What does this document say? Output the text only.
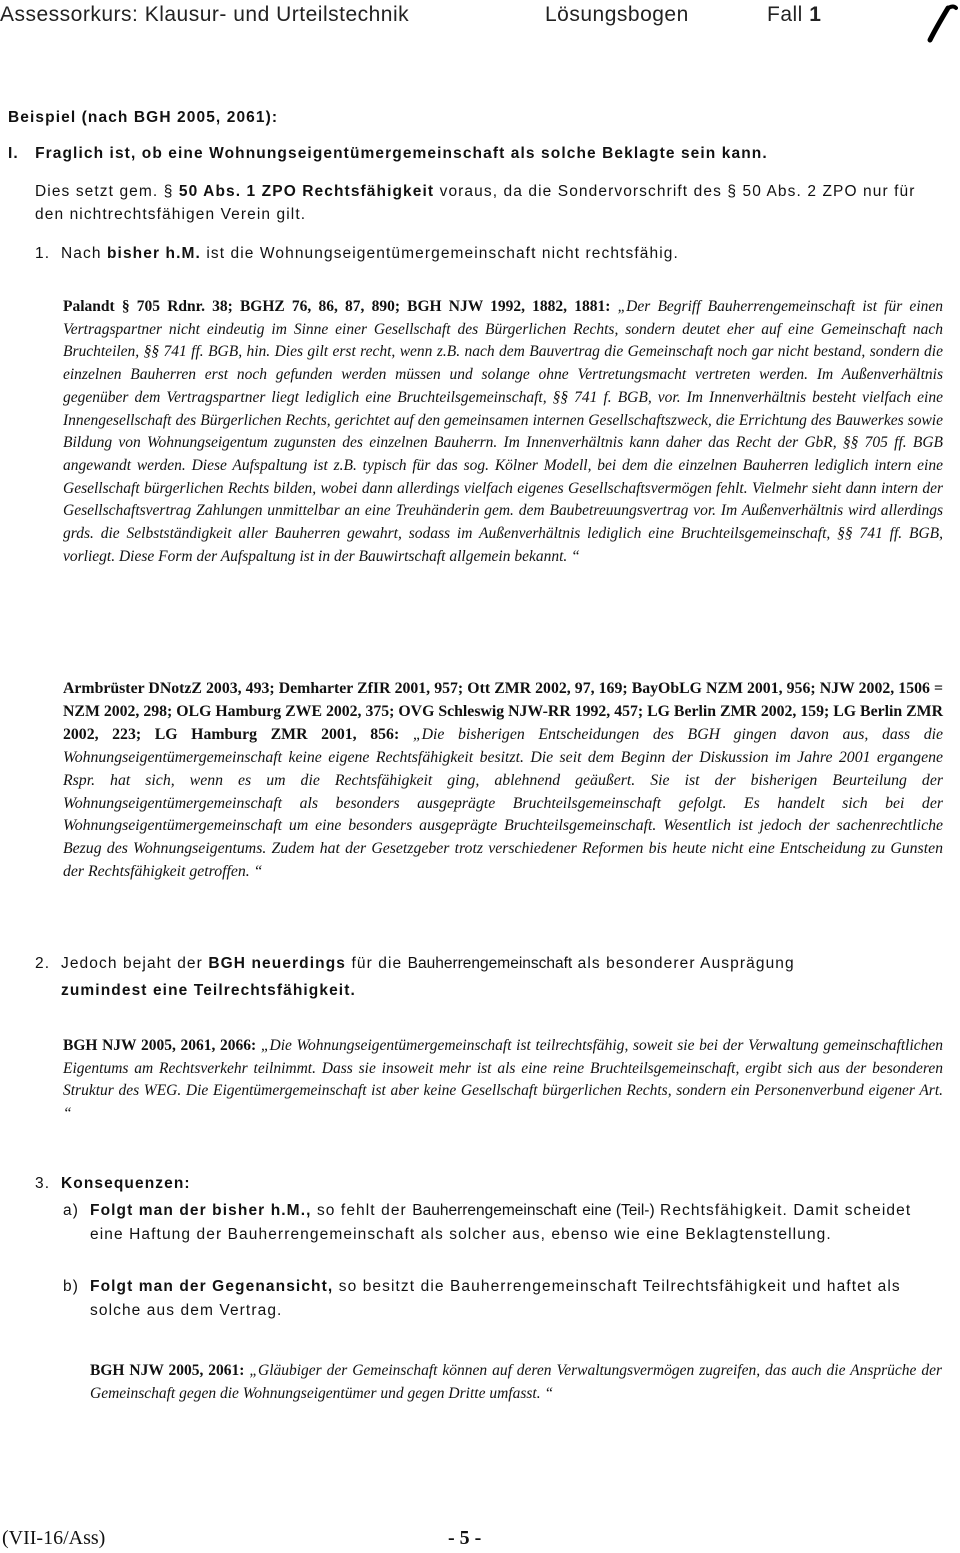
Assessorkurs: Klausur- und Urteilstechnik	Lösungsbogen	Fall 1
Beispiel (nach BGH 2005, 2061):
I. Fraglich ist, ob eine Wohnungseigentümergemeinschaft als solche Beklagte sein kann.
Dies setzt gem. § 50 Abs. 1 ZPO Rechtsfähigkeit voraus, da die Sondervorschrift des § 50 Abs. 2 ZPO nur für den nichtrechtsfähigen Verein gilt.
1. Nach bisher h.M. ist die Wohnungseigentümergemeinschaft nicht rechtsfähig.

Palandt § 705 Rdnr. 38; BGHZ 76, 86, 87, 890; BGH NJW 1992, 1882, 1881: „Der Begriff Bauherrengemeinschaft ist für einen Vertragspartner nicht eindeutig im Sinne einer Gesellschaft des Bürgerlichen Rechts, sondern deutet eher auf eine Gemeinschaft nach Bruchteilen, §§ 741 ff. BGB, hin. Dies gilt erst recht, wenn z.B. nach dem Bauvertrag die Gemeinschaft noch gar nicht bestand, sondern die einzelnen Bauherren erst noch gefunden werden müssen und solange ohne Vertretungsmacht vertreten werden. Im Außenverhältnis gegenüber dem Vertragspartner liegt lediglich eine Bruchteilsgemeinschaft, §§ 741 f. BGB, vor. Im Innenverhältnis besteht vielfach eine Innengesellschaft des Bürgerlichen Rechts, gerichtet auf den gemeinsamen internen Gesellschaftszweck, die Errichtung des Bauwerkes sowie Bildung von Wohnungseigentum zugunsten des einzelnen Bauherrn. Im Innenverhältnis kann daher das Recht der GbR, §§ 705 ff. BGB angewandt werden. Diese Aufspaltung ist z.B. typisch für das sog. Kölner Modell, bei dem die einzelnen Bauherren lediglich intern eine Gesellschaft bürgerlichen Rechts bilden, wobei dann allerdings vielfach eigenes Gesellschaftsvermögen fehlt. Vielmehr sieht dann intern der Gesellschaftsvertrag Zahlungen unmittelbar an eine Treuhänderin gem. dem Baubetreuungsvertrag vor. Im Außenverhältnis wird allerdings grds. die Selbstständigkeit aller Bauherren gewahrt, sodass im Außenverhältnis lediglich eine Bruchteilsgemeinschaft, §§ 741 ff. BGB, vorliegt. Diese Form der Aufspaltung ist in der Bauwirtschaft allgemein bekannt. “

Armbrüster DNotzZ 2003, 493; Demharter ZfIR 2001, 957; Ott ZMR 2002, 97, 169; BayObLG NZM 2001, 956; NJW 2002, 1506 = NZM 2002, 298; OLG Hamburg ZWE 2002, 375; OVG Schleswig NJW-RR 1992, 457; LG Berlin ZMR 2002, 159; LG Berlin ZMR 2002, 223; LG Hamburg ZMR 2001, 856: „Die bisherigen Entscheidungen des BGH gingen davon aus, dass die Wohnungseigentümergemeinschaft keine eigene Rechtsfähigkeit besitzt. Die seit dem Beginn der Diskussion im Jahre 2001 ergangene Rspr. hat sich, wenn es um die Rechtsfähigkeit ging, ablehnend geäußert. Sie ist der bisherigen Beurteilung der Wohnungseigentümergemeinschaft als besonders ausgeprägte Bruchteilsgemeinschaft gefolgt. Es handelt sich bei der Wohnungseigentümergemeinschaft um eine besonders ausgeprägte Bruchteilsgemeinschaft. Wesentlich ist jedoch der sachenrechtliche Bezug des Wohnungseigentums. Zudem hat der Gesetzgeber trotz verschiedener Reformen bis heute nicht eine Entscheidung zu Gunsten der Rechtsfähigkeit getroffen. “

2. Jedoch bejaht der BGH neuerdings für die Bauherrengemeinschaft als besonderer Ausprägung
zumindest eine Teilrechtsfähigkeit.

BGH NJW 2005, 2061, 2066: „Die Wohnungseigentümergemeinschaft ist teilrechtsfähig, soweit sie bei der Verwaltung gemeinschaftlichen Eigentums am Rechtsverkehr teilnimmt. Dass sie insoweit mehr ist als eine reine Bruchteilsgemeinschaft, ergibt sich aus der besonderen Struktur des WEG. Die Eigentümergemeinschaft ist aber keine Gesellschaft bürgerlichen Rechts, sondern ein Personenverbund eigener Art. “

3. Konsequenzen:
a) Folgt man der bisher h.M., so fehlt der Bauherrengemeinschaft eine (Teil-) Rechtsfähigkeit. Damit scheidet eine Haftung der Bauherrengemeinschaft als solcher aus, ebenso wie eine Beklagtenstellung.
b) Folgt man der Gegenansicht, so besitzt die Bauherrengemeinschaft Teilrechtsfähigkeit und haftet als solche aus dem Vertrag.

BGH NJW 2005, 2061: „Gläubiger der Gemeinschaft können auf deren Verwaltungsvermögen zugreifen, das auch die Ansprüche der Gemeinschaft gegen die Wohnungseigentümer und gegen Dritte umfasst. “

(VII-16/Ass)	- 5 -
